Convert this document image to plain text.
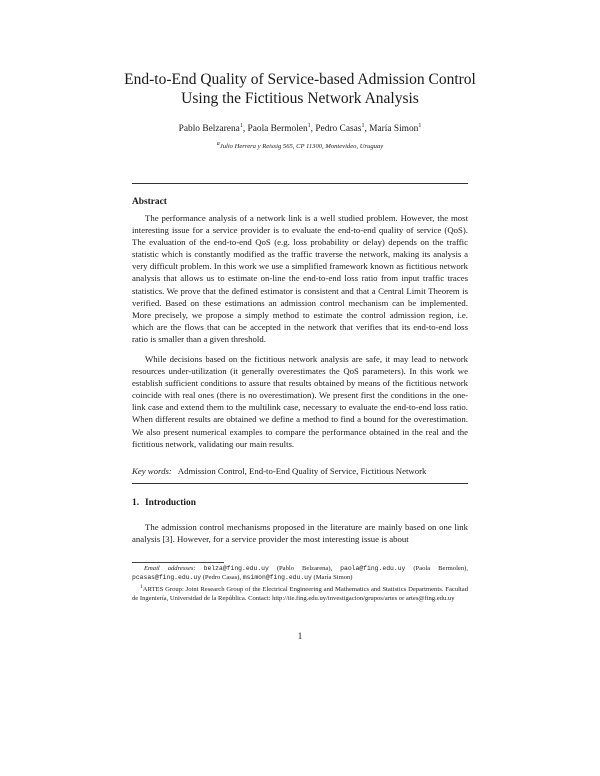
End-to-End Quality of Service-based Admission Control
Using the Fictitious Network Analysis
Pablo Belzarena$^1$, Paola Bermolen$^1$, Pedro Casas$^1$, María Simon$^1$
$^a$Julio Herrera y Reissig 565, CP 11300, Montevideo, Uruguay
Abstract

The performance analysis of a network link is a well studied problem. However, the most interesting issue for a service provider is to evaluate the end-to-end quality of service (QoS). The evaluation of the end-to-end QoS (e.g. loss probability or delay) depends on the traffic statistic which is constantly modified as the traffic traverse the network, making its analysis a very difficult problem. In this work we use a simplified framework known as fictitious network analysis that allows us to estimate on-line the end-to-end loss ratio from input traffic traces statistics. We prove that the defined estimator is consistent and that a Central Limit Theorem is verified. Based on these estimations an admission control mechanism can be implemented. More precisely, we propose a simply method to estimate the control admission region, i.e. which are the flows that can be accepted in the network that verifies that its end-to-end loss ratio is smaller than a given threshold.

While decisions based on the fictitious network analysis are safe, it may lead to network resources under-utilization (it generally overestimates the QoS parameters). In this work we establish sufficient conditions to assure that results obtained by means of the fictitious network coincide with real ones (there is no overestimation). We present first the conditions in the one-link case and extend them to the multilink case, necessary to evaluate the end-to-end loss ratio. When different results are obtained we define a method to find a bound for the overestimation. We also present numerical examples to compare the performance obtained in the real and the fictitious network, validating our main results.

Key words: Admission Control, End-to-End Quality of Service, Fictitious Network
1. Introduction

The admission control mechanisms proposed in the literature are mainly based on one link analysis [3]. However, for a service provider the most interesting issue is about

Email addresses: belza@fing.edu.uy (Pablo Belzarena), paola@fing.edu.uy (Paola Bermolen), pcasas@fing.edu.uy (Pedro Casas), msimon@fing.edu.uy (María Simon)

$^1$ARTES Group: Joint Research Group of the Electrical Engineering and Mathematics and Statistics Departments. Facultad de Ingeniería, Universidad de la República. Contact: http://iie.fing.edu.uy/investigacion/grupos/artes or artes@fing.edu.uy

1
